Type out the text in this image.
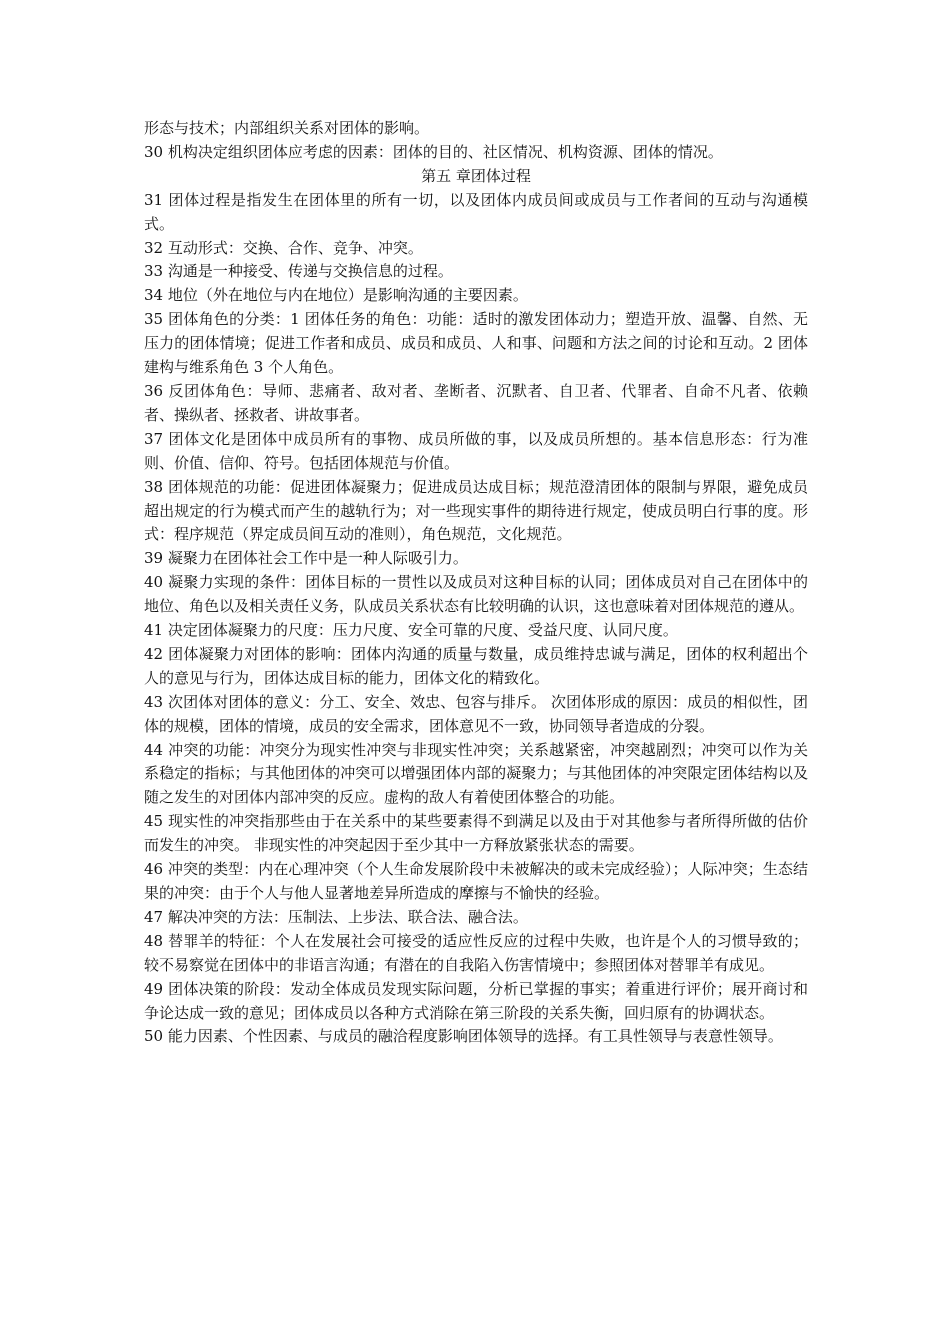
形态与技术；内部组织关系对团体的影响。

30 机构决定组织团体应考虑的因素：团体的目的、社区情况、机构资源、团体的情况。

第五 章团体过程

31 团体过程是指发生在团体里的所有一切，以及团体内成员间或成员与工作者间的互动与沟通模式。

32 互动形式：交换、合作、竞争、冲突。

33 沟通是一种接受、传递与交换信息的过程。

34 地位（外在地位与内在地位）是影响沟通的主要因素。

35 团体角色的分类：1 团体任务的角色：功能：适时的激发团体动力；塑造开放、温馨、自然、无压力的团体情境；促进工作者和成员、成员和成员、人和事、问题和方法之间的讨论和互动。2 团体建构与维系角色 3 个人角色。

36 反团体角色：导师、悲痛者、敌对者、垄断者、沉默者、自卫者、代罪者、自命不凡者、依赖者、操纵者、拯救者、讲故事者。

37 团体文化是团体中成员所有的事物、成员所做的事，以及成员所想的。基本信息形态：行为准则、价值、信仰、符号。包括团体规范与价值。

38 团体规范的功能：促进团体凝聚力；促进成员达成目标；规范澄清团体的限制与界限，避免成员超出规定的行为模式而产生的越轨行为；对一些现实事件的期待进行规定，使成员明白行事的度。形式：程序规范（界定成员间互动的准则），角色规范，文化规范。

39 凝聚力在团体社会工作中是一种人际吸引力。

40 凝聚力实现的条件：团体目标的一贯性以及成员对这种目标的认同；团体成员对自己在团体中的地位、角色以及相关责任义务，队成员关系状态有比较明确的认识，这也意味着对团体规范的遵从。

41 决定团体凝聚力的尺度：压力尺度、安全可靠的尺度、受益尺度、认同尺度。

42 团体凝聚力对团体的影响：团体内沟通的质量与数量，成员维持忠诚与满足，团体的权利超出个人的意见与行为，团体达成目标的能力，团体文化的精致化。

43 次团体对团体的意义：分工、安全、效忠、包容与排斥。 次团体形成的原因：成员的相似性，团体的规模，团体的情境，成员的安全需求，团体意见不一致，协同领导者造成的分裂。

44 冲突的功能：冲突分为现实性冲突与非现实性冲突；关系越紧密，冲突越剧烈；冲突可以作为关系稳定的指标；与其他团体的冲突可以增强团体内部的凝聚力；与其他团体的冲突限定团体结构以及随之发生的对团体内部冲突的反应。虚构的敌人有着使团体整合的功能。

45 现实性的冲突指那些由于在关系中的某些要素得不到满足以及由于对其他参与者所得所做的估价而发生的冲突。 非现实性的冲突起因于至少其中一方释放紧张状态的需要。

46 冲突的类型：内在心理冲突（个人生命发展阶段中未被解决的或未完成经验）；人际冲突；生态结果的冲突：由于个人与他人显著地差异所造成的摩擦与不愉快的经验。

47 解决冲突的方法：压制法、上步法、联合法、融合法。

48 替罪羊的特征：个人在发展社会可接受的适应性反应的过程中失败，也许是个人的习惯导致的；较不易察觉在团体中的非语言沟通；有潜在的自我陷入伤害情境中；参照团体对替罪羊有成见。

49 团体决策的阶段：发动全体成员发现实际问题，分析已掌握的事实；着重进行评价；展开商讨和争论达成一致的意见；团体成员以各种方式消除在第三阶段的关系失衡，回归原有的协调状态。

50 能力因素、个性因素、与成员的融洽程度影响团体领导的选择。有工具性领导与表意性领导。
